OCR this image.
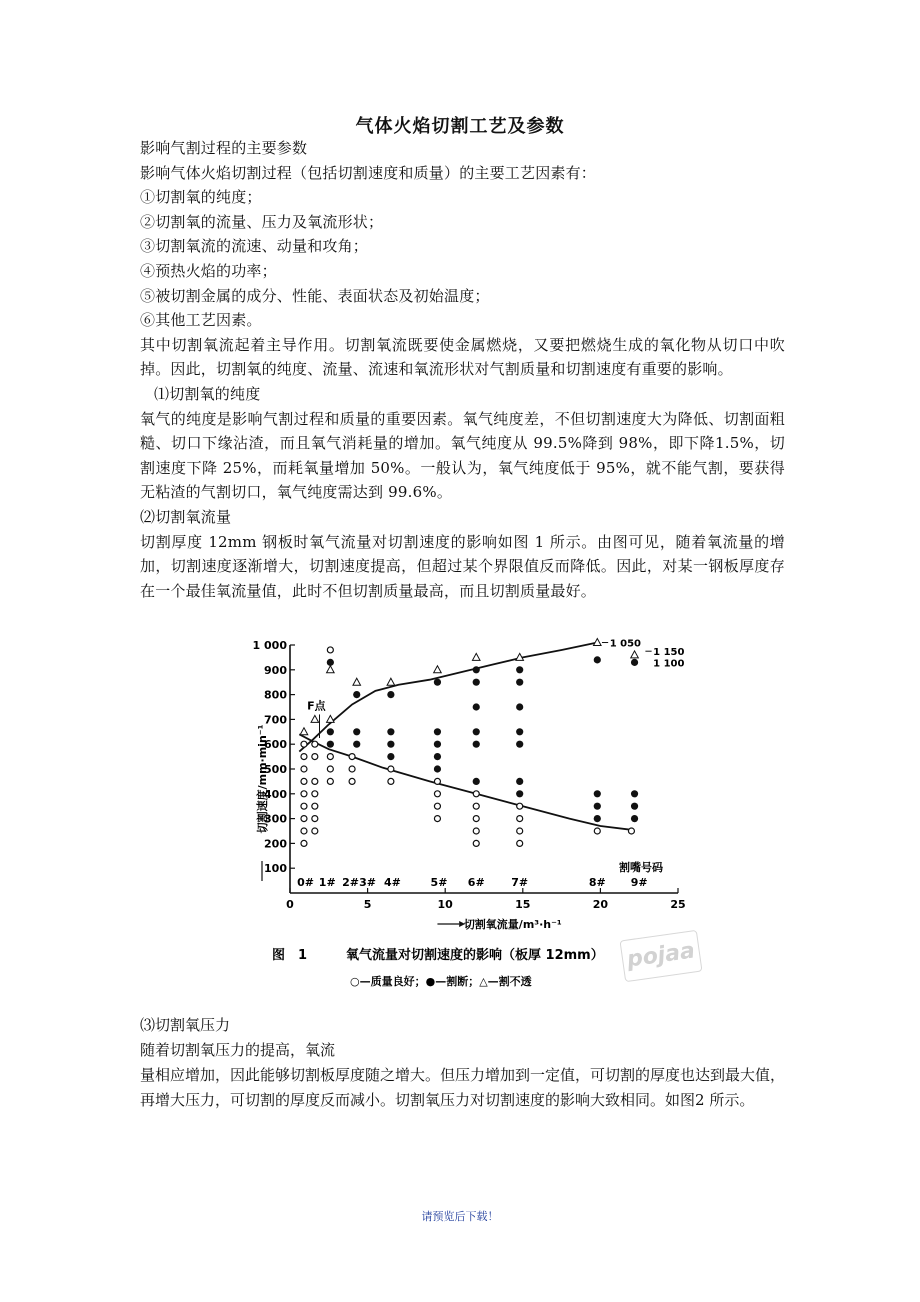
气体火焰切割工艺及参数

影响气割过程的主要参数

影响气体火焰切割过程（包括切割速度和质量）的主要工艺因素有：

①切割氧的纯度；

②切割氧的流量、压力及氧流形状；

③切割氧流的流速、动量和攻角；

④预热火焰的功率；

⑤被切割金属的成分、性能、表面状态及初始温度；

⑥其他工艺因素。

其中切割氧流起着主导作用。切割氧流既要使金属燃烧，又要把燃烧生成的氧化物从切口中吹掉。因此，切割氧的纯度、流量、流速和氧流形状对气割质量和切割速度有重要的影响。

⑴切割氧的纯度

氧气的纯度是影响气割过程和质量的重要因素。氧气纯度差，不但切割速度大为降低、切割面粗糙、切口下缘沾渣，而且氧气消耗量的增加。氧气纯度从 99.5%降到 98%，即下降1.5%，切割速度下降 25%，而耗氧量增加 50%。一般认为，氧气纯度低于 95%，就不能气割，要获得无粘渣的气割切口，氧气纯度需达到 99.6%。

⑵切割氧流量

切割厚度 12mm 钢板时氧气流量对切割速度的影响如图 1 所示。由图可见，随着氧流量的增加，切割速度逐渐增大，切割速度提高，但超过某个界限值反而降低。因此，对某一钢板厚度存在一个最佳氧流量值，此时不但切割质量最高，而且切割质量最好。

100
200
300
400
500
600
700
800
900
1 000
0	5	10	15	20	25
切割氧流量/m³·h⁻¹
切割速度/mm·min⁻¹
0# 1# 2# 3# 4#	5# 6# 7#	8# 9#
割嘴号码
F点
1 050
1 150
1 100
图　1	氧气流量对切割速度的影响（板厚 12mm）
○—质量良好；●—割断；△—割不透
pojaa

⑶切割氧压力

随着切割氧压力的提高，氧流

量相应增加，因此能够切割板厚度随之增大。但压力增加到一定值，可切割的厚度也达到最大值，再增大压力，可切割的厚度反而减小。切割氧压力对切割速度的影响大致相同。如图2 所示。

请预览后下载！
